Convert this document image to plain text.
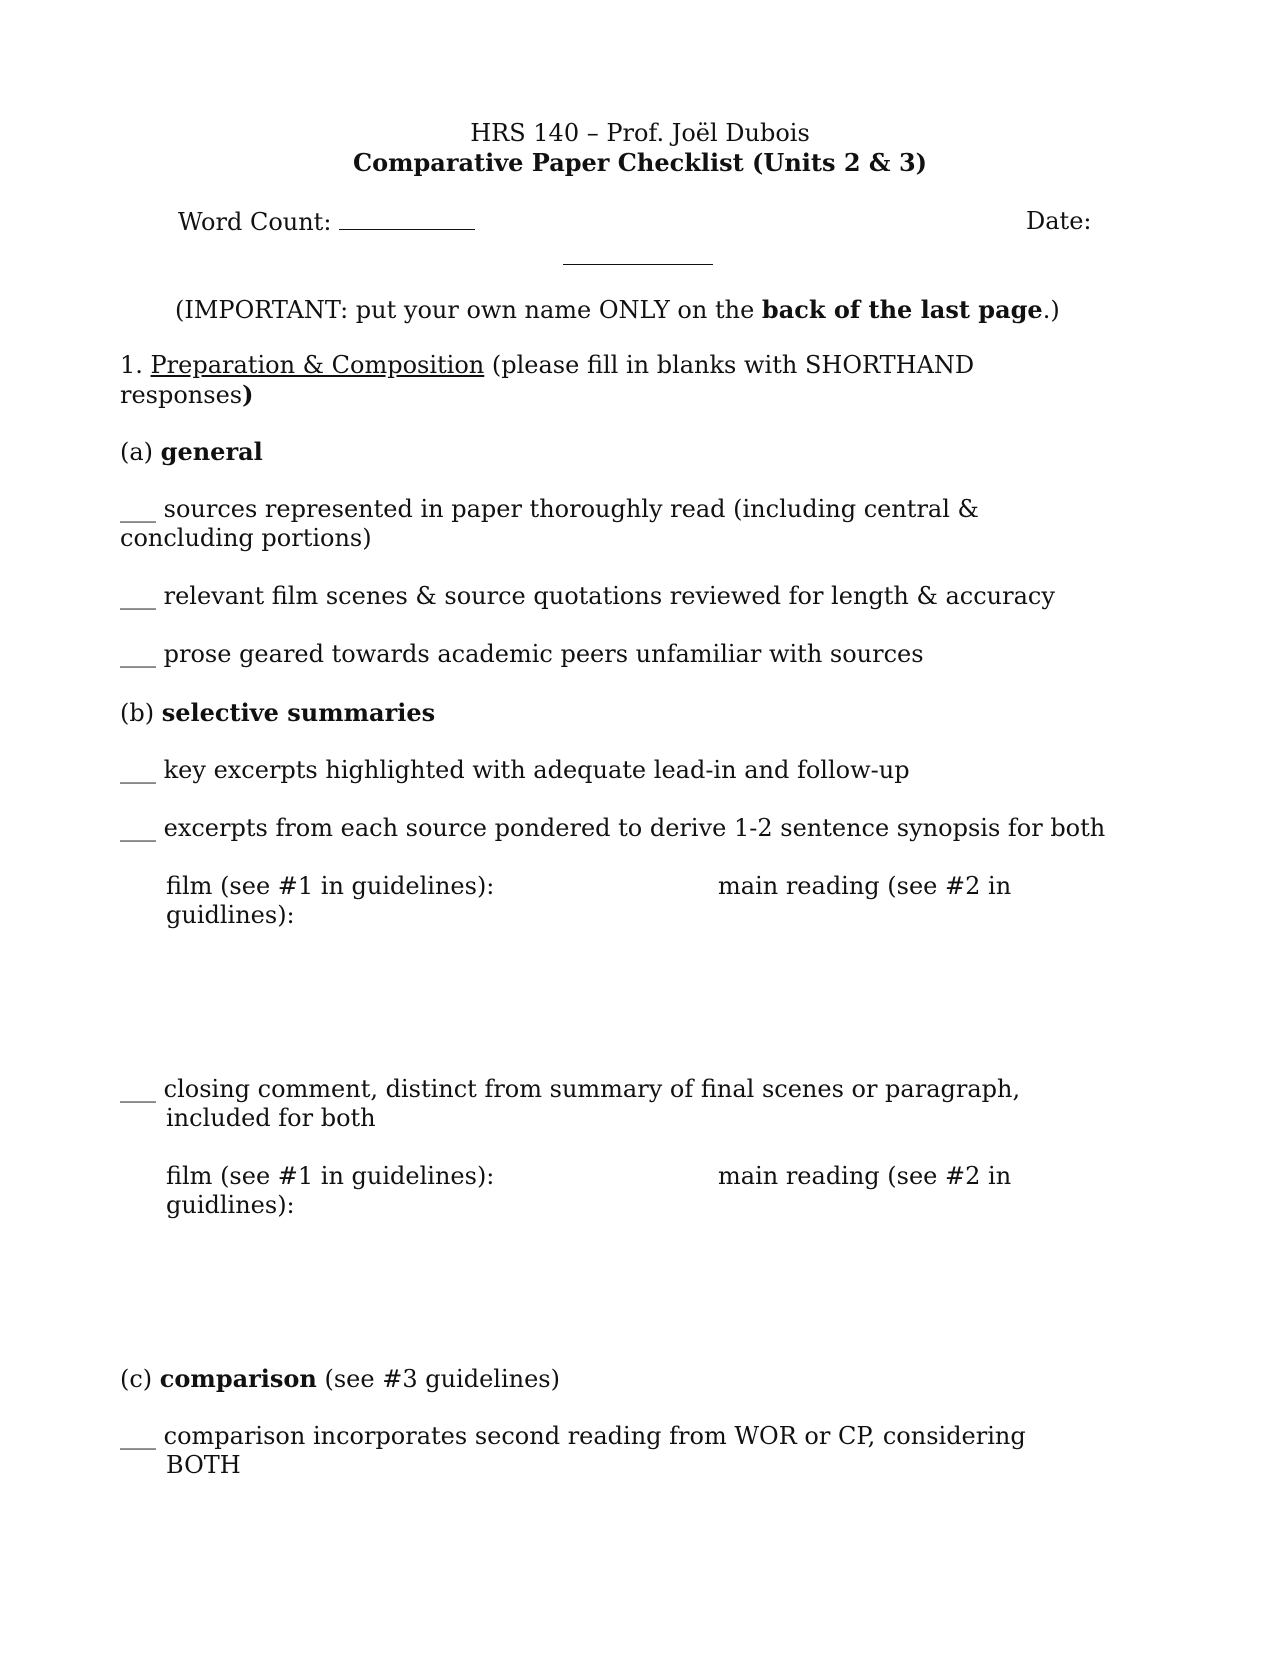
HRS 140 – Prof. Joël Dubois
Comparative Paper Checklist (Units 2 & 3)
Word Count:	Date:
(IMPORTANT: put your own name ONLY on the back of the last page.)
1. Preparation & Composition (please fill in blanks with SHORTHAND
responses)
(a) general
___ sources represented in paper thoroughly read (including central &
concluding portions)
___ relevant film scenes & source quotations reviewed for length & accuracy
___ prose geared towards academic peers unfamiliar with sources
(b) selective summaries
___ key excerpts highlighted with adequate lead-in and follow-up
___ excerpts from each source pondered to derive 1-2 sentence synopsis for both
film (see #1 in guidelines):	main reading (see #2 in
guidlines):
___ closing comment, distinct from summary of final scenes or paragraph,
included for both
film (see #1 in guidelines):	main reading (see #2 in
guidlines):
(c) comparison (see #3 guidelines)
___ comparison incorporates second reading from WOR or CP, considering
BOTH
